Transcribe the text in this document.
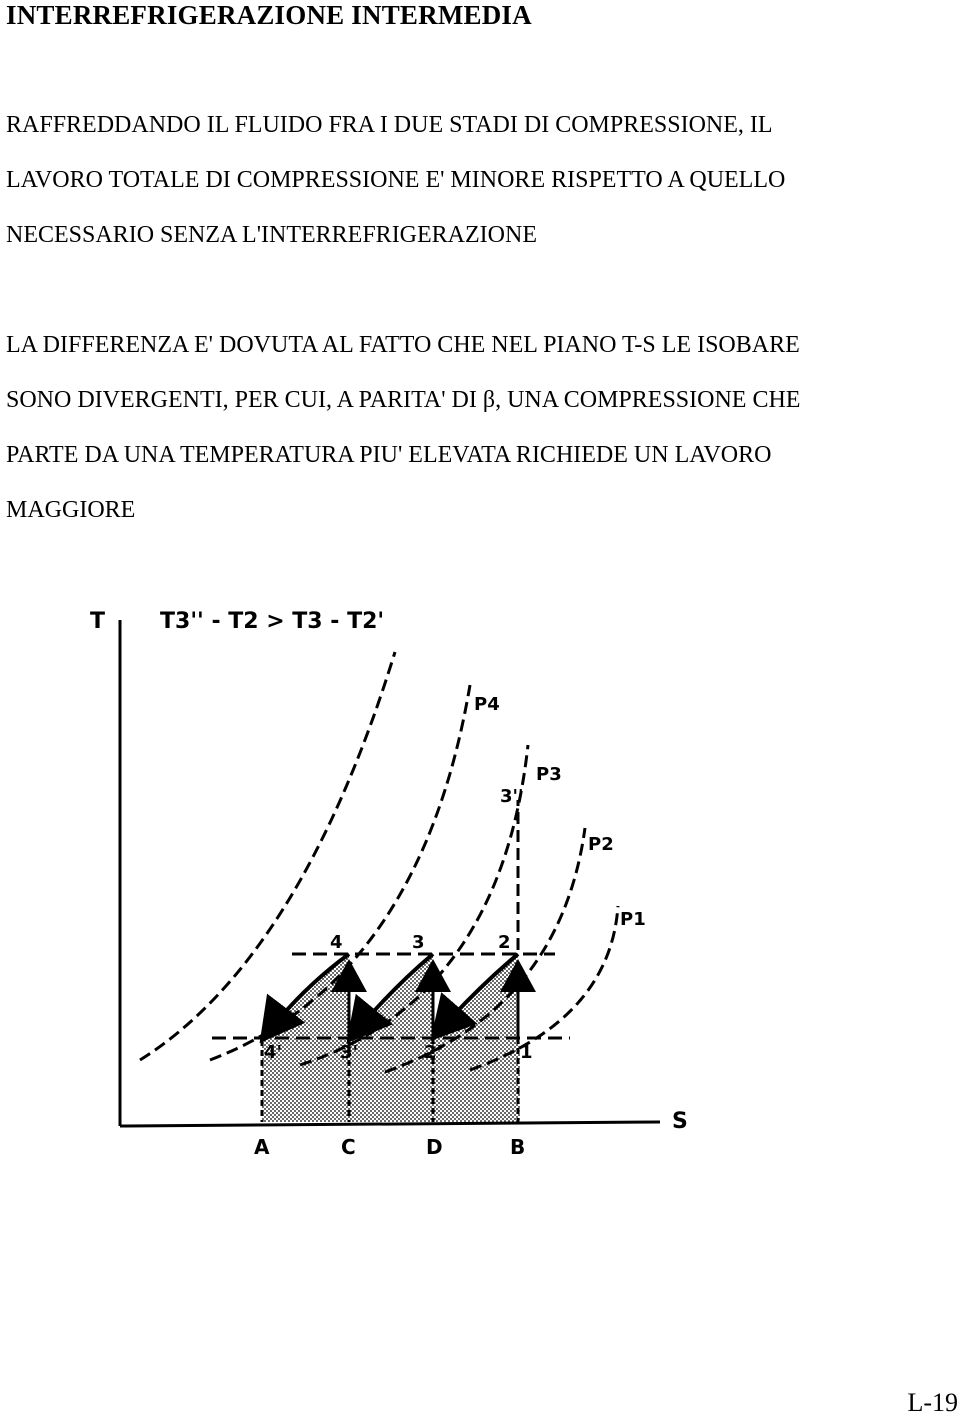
INTERREFRIGERAZIONE INTERMEDIA

RAFFREDDANDO IL FLUIDO FRA I DUE STADI DI COMPRESSIONE, IL
LAVORO TOTALE DI COMPRESSIONE E' MINORE RISPETTO A QUELLO
NECESSARIO SENZA L'INTERREFRIGERAZIONE

LA DIFFERENZA E' DOVUTA AL FATTO CHE NEL PIANO T-S LE ISOBARE
SONO DIVERGENTI, PER CUI, A PARITA' DI β, UNA COMPRESSIONE CHE
PARTE DA UNA TEMPERATURA PIU' ELEVATA RICHIEDE UN LAVORO
MAGGIORE

T
S
T3'' - T2 > T3 - T2'
P4
P3
P2
P1
4	3	2
3''
4'	3'	2'	1
A	C	D	B

L-19
